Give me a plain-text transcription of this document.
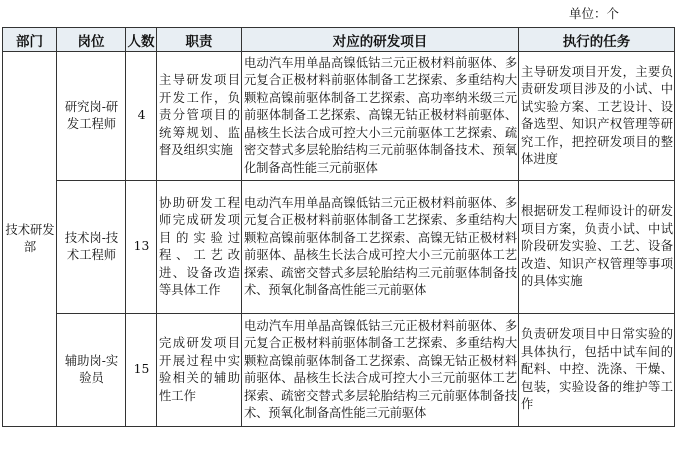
单位：个
部门	岗位	人数	职责	对应的研发项目	执行的任务
技术研发部	研究岗-研发工程师	4	主导研发项目开发工作，负责分管项目的统筹规划、监督及组织实施	电动汽车用单晶高镍低钴三元正极材料前驱体、多元复合正极材料前驱体制备工艺探索、多重结构大颗粒高镍前驱体制备工艺探索、高功率纳米级三元前驱体制备工艺探索、高镍无钴正极材料前驱体、晶核生长法合成可控大小三元前驱体工艺探索、疏密交替式多层轮胎结构三元前驱体制备技术、预氧化制备高性能三元前驱体	主导研发项目开发，主要负责研发项目涉及的小试、中试实验方案、工艺设计、设备选型、知识产权管理等研究工作，把控研发项目的整体进度
	技术岗-技术工程师	13	协助研发工程师完成研发项目的实验过程、工艺改进、设备改造等具体工作	电动汽车用单晶高镍低钴三元正极材料前驱体、多元复合正极材料前驱体制备工艺探索、多重结构大颗粒高镍前驱体制备工艺探索、高镍无钴正极材料前驱体、晶核生长法合成可控大小三元前驱体工艺探索、疏密交替式多层轮胎结构三元前驱体制备技术、预氧化制备高性能三元前驱体	根据研发工程师设计的研发项目方案，负责小试、中试阶段研发实验、工艺、设备改造、知识产权管理等事项的具体实施
	辅助岗-实验员	15	完成研发项目开展过程中实验相关的辅助性工作	电动汽车用单晶高镍低钴三元正极材料前驱体、多元复合正极材料前驱体制备工艺探索、多重结构大颗粒高镍前驱体制备工艺探索、高镍无钴正极材料前驱体、晶核生长法合成可控大小三元前驱体工艺探索、疏密交替式多层轮胎结构三元前驱体制备技术、预氧化制备高性能三元前驱体	负责研发项目中日常实验的具体执行，包括中试车间的配料、中控、洗涤、干燥、包装，实验设备的维护等工作
